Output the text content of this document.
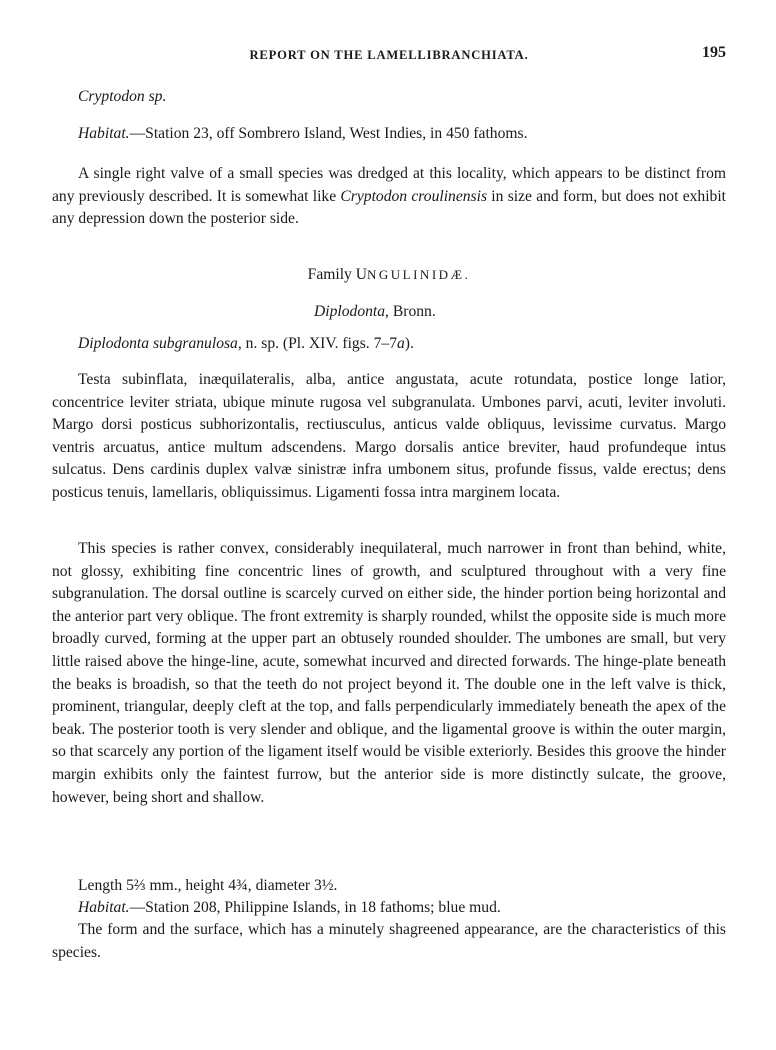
REPORT ON THE LAMELLIBRANCHIATA.	195
Cryptodon sp.
Habitat.—Station 23, off Sombrero Island, West Indies, in 450 fathoms.
A single right valve of a small species was dredged at this locality, which appears to be distinct from any previously described. It is somewhat like Cryptodon croulinensis in size and form, but does not exhibit any depression down the posterior side.
Family UNGULINIDÆ.
Diplodonta, Bronn.
Diplodonta subgranulosa, n. sp. (Pl. XIV. figs. 7–7a).
Testa subinflata, inæquilateralis, alba, antice angustata, acute rotundata, postice longe latior, concentrice leviter striata, ubique minute rugosa vel subgranulata. Umbones parvi, acuti, leviter involuti. Margo dorsi posticus subhorizontalis, rectiusculus, anticus valde obliquus, levissime curvatus. Margo ventris arcuatus, antice multum adscendens. Margo dorsalis antice breviter, haud profundeque intus sulcatus. Dens cardinis duplex valvæ sinistræ infra umbonem situs, profunde fissus, valde erectus; dens posticus tenuis, lamellaris, obliquissimus. Ligamenti fossa intra marginem locata.
This species is rather convex, considerably inequilateral, much narrower in front than behind, white, not glossy, exhibiting fine concentric lines of growth, and sculptured throughout with a very fine subgranulation. The dorsal outline is scarcely curved on either side, the hinder portion being horizontal and the anterior part very oblique. The front extremity is sharply rounded, whilst the opposite side is much more broadly curved, forming at the upper part an obtusely rounded shoulder. The umbones are small, but very little raised above the hinge-line, acute, somewhat incurved and directed forwards. The hinge-plate beneath the beaks is broadish, so that the teeth do not project beyond it. The double one in the left valve is thick, prominent, triangular, deeply cleft at the top, and falls perpendicularly immediately beneath the apex of the beak. The posterior tooth is very slender and oblique, and the ligamental groove is within the outer margin, so that scarcely any portion of the ligament itself would be visible exteriorly. Besides this groove the hinder margin exhibits only the faintest furrow, but the anterior side is more distinctly sulcate, the groove, however, being short and shallow.
Length 5⅔ mm., height 4¾, diameter 3½.
Habitat.—Station 208, Philippine Islands, in 18 fathoms; blue mud.
The form and the surface, which has a minutely shagreened appearance, are the characteristics of this species.
